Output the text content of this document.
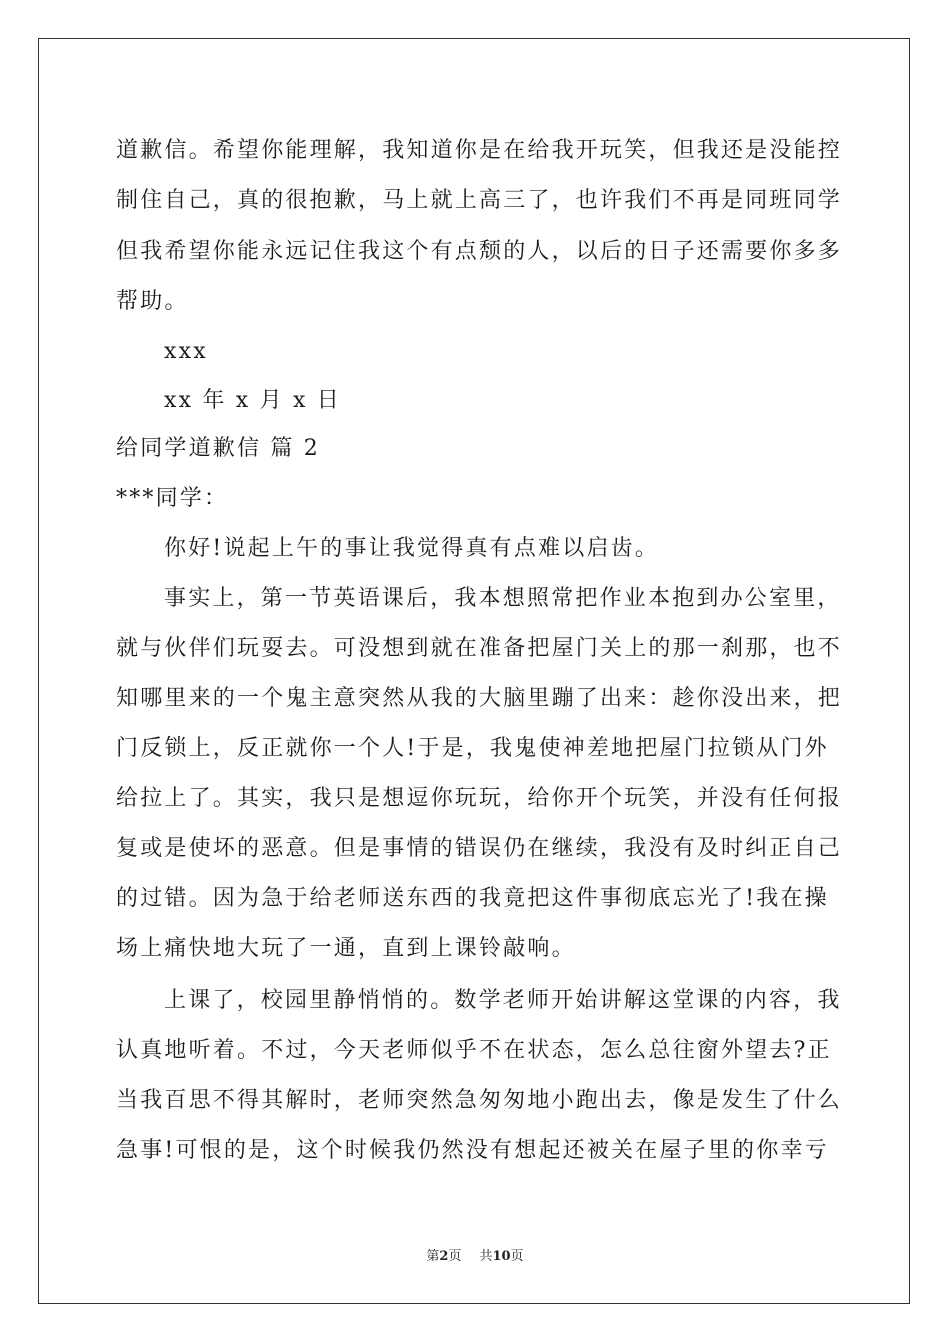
道歉信。希望你能理解，我知道你是在给我开玩笑，但我还是没能控
制住自己，真的很抱歉，马上就上高三了，也许我们不再是同班同学
但我希望你能永远记住我这个有点颓的人，以后的日子还需要你多多
帮助。
xxx
xx 年 x 月 x 日
给同学道歉信 篇 2
***同学：
你好!说起上午的事让我觉得真有点难以启齿。
事实上，第一节英语课后，我本想照常把作业本抱到办公室里，
就与伙伴们玩耍去。可没想到就在准备把屋门关上的那一刹那，也不
知哪里来的一个鬼主意突然从我的大脑里蹦了出来：趁你没出来，把
门反锁上，反正就你一个人!于是，我鬼使神差地把屋门拉锁从门外
给拉上了。其实，我只是想逗你玩玩，给你开个玩笑，并没有任何报
复或是使坏的恶意。但是事情的错误仍在继续，我没有及时纠正自己
的过错。因为急于给老师送东西的我竟把这件事彻底忘光了!我在操
场上痛快地大玩了一通，直到上课铃敲响。
上课了，校园里静悄悄的。数学老师开始讲解这堂课的内容，我
认真地听着。不过，今天老师似乎不在状态，怎么总往窗外望去?正
当我百思不得其解时，老师突然急匆匆地小跑出去，像是发生了什么
急事!可恨的是，这个时候我仍然没有想起还被关在屋子里的你幸亏
第2页 共10页
